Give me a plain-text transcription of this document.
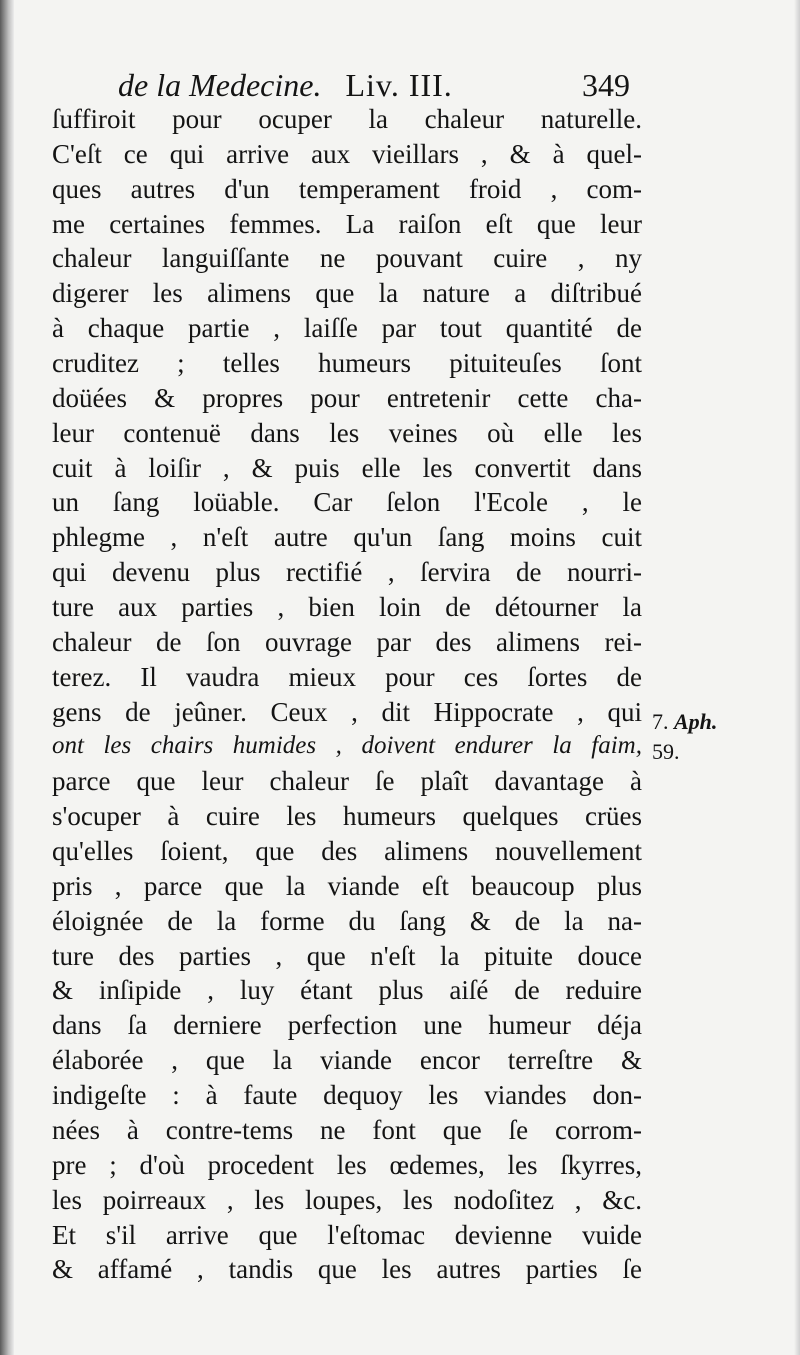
de la Medecine. Liv. III.	349
ſuffiroit pour ocuper la chaleur naturelle.
C'eſt ce qui arrive aux vieillars , & à quel-
ques autres d'un temperament froid , com-
me certaines femmes. La raiſon eſt que leur
chaleur languiſſante ne pouvant cuire , ny
digerer les alimens que la nature a diſtribué
à chaque partie , laiſſe par tout quantité de
cruditez ; telles humeurs pituiteuſes ſont
doüées & propres pour entretenir cette cha-
leur contenuë dans les veines où elle les
cuit à loiſir , & puis elle les convertit dans
un ſang loüable. Car ſelon l'Ecole , le
phlegme , n'eſt autre qu'un ſang moins cuit
qui devenu plus rectifié , ſervira de nourri-
ture aux parties , bien loin de détourner la
chaleur de ſon ouvrage par des alimens rei-
terez. Il vaudra mieux pour ces ſortes de
gens de jeûner. Ceux , dit Hippocrate , qui
ont les chairs humides , doivent endurer la faim,
parce que leur chaleur ſe plaît davantage à
s'ocuper à cuire les humeurs quelques crües
qu'elles ſoient, que des alimens nouvellement
pris , parce que la viande eſt beaucoup plus
éloignée de la forme du ſang & de la na-
ture des parties , que n'eſt la pituite douce
& inſipide , luy étant plus aiſé de reduire
dans ſa derniere perfection une humeur déja
élaborée , que la viande encor terreſtre &
indigeſte : à faute dequoy les viandes don-
nées à contre-tems ne font que ſe corrom-
pre ; d'où procedent les œdemes, les ſkyrres,
les poirreaux , les loupes, les nodoſitez , &c.
Et s'il arrive que l'eſtomac devienne vuide
& affamé , tandis que les autres parties ſe
7. Aph.
59.
